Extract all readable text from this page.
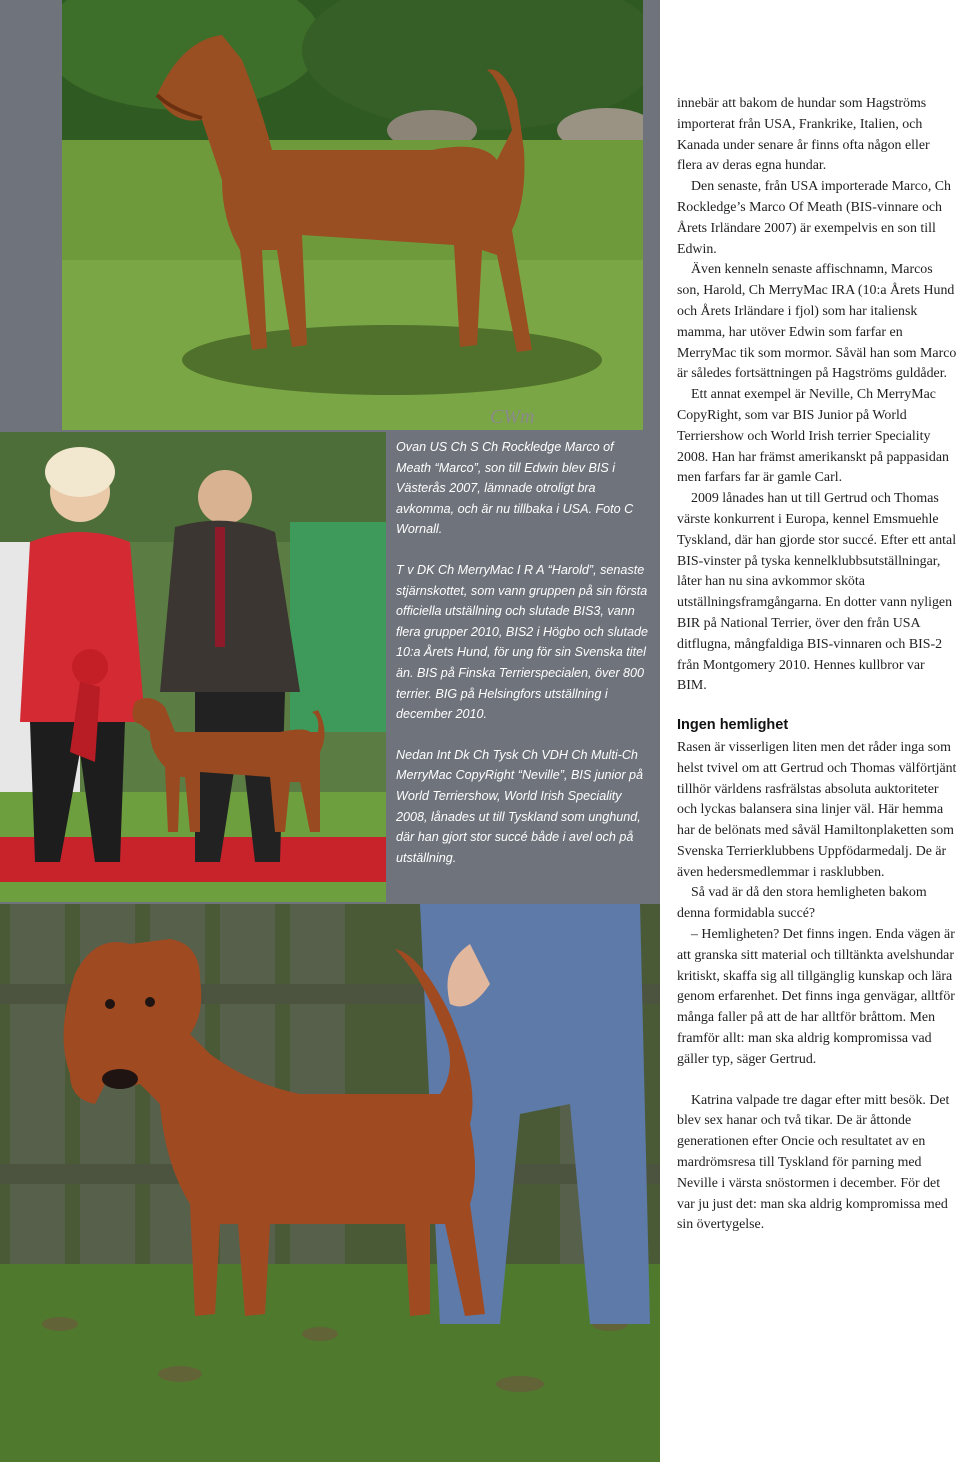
CWm

Ovan US Ch S Ch Rockledge Marco of Meath “Marco”, son till Edwin blev BIS i Västerås 2007, lämnade otroligt bra avkomma, och är nu tillbaka i USA. Foto C Wornall.

T v DK Ch MerryMac I R A “Harold”, senaste stjärnskottet, som vann gruppen på sin första officiella utställning och slutade BIS3, vann flera grupper 2010, BIS2 i Högbo och slutade 10:a Årets Hund, för ung för sin Svenska titel än. BIS på Finska Terrierspecialen, över 800 terrier. BIG på Helsingfors utställning i december 2010.

Nedan Int Dk Ch Tysk Ch VDH Ch Multi-Ch MerryMac CopyRight “Neville”, BIS junior på World Terriershow, World Irish Speciality 2008, lånades ut till Tyskland som unghund, där han gjort stor succé både i avel och på utställning.

innebär att bakom de hundar som Hagströms importerat från USA, Frankrike, Italien, och Kanada under senare år finns ofta någon eller flera av deras egna hundar.

Den senaste, från USA importerade Marco, Ch Rockledge’s Marco Of Meath (BIS-vinnare och Årets Irländare 2007) är exempelvis en son till Edwin.

Även kenneln senaste affischnamn, Marcos son, Harold, Ch MerryMac IRA (10:a Årets Hund och Årets Irländare i fjol) som har italiensk mamma, har utöver Edwin som farfar en MerryMac tik som mormor. Såväl han som Marco är således fortsättningen på Hagströms guldåder.

Ett annat exempel är Neville, Ch MerryMac CopyRight, som var BIS Junior på World Terriershow och World Irish terrier Speciality 2008. Han har främst amerikanskt på pappasidan men farfars far är gamle Carl.

2009 lånades han ut till Gertrud och Thomas värste konkurrent i Europa, kennel Emsmuehle Tyskland, där han gjorde stor succé. Efter ett antal BIS-vinster på tyska kennelklubbsutställningar, låter han nu sina avkommor sköta utställningsframgångarna. En dotter vann nyligen BIR på National Terrier, över den från USA ditflugna, mångfaldiga BIS-vinnaren och BIS-2 från Montgomery 2010. Hennes kullbror var BIM.

Ingen hemlighet

Rasen är visserligen liten men det råder inga som helst tvivel om att Gertrud och Thomas välförtjänt tillhör världens rasfrälstas absoluta auktoriteter och lyckas balansera sina linjer väl. Här hemma har de belönats med såväl Hamiltonplaketten som Svenska Terrierklubbens Uppfödarmedalj. De är även hedersmedlemmar i rasklubben.

Så vad är då den stora hemligheten bakom denna formidabla succé?

– Hemligheten? Det finns ingen. Enda vägen är att granska sitt material och tilltänkta avelshundar kritiskt, skaffa sig all tillgänglig kunskap och lära genom erfarenhet. Det finns inga genvägar, alltför många faller på att de har alltför bråttom. Men framför allt: man ska aldrig kompromissa vad gäller typ, säger Gertrud.

Katrina valpade tre dagar efter mitt besök. Det blev sex hanar och två tikar. De är åttonde generationen efter Oncie och resultatet av en mardrömsresa till Tyskland för parning med Neville i värsta snöstormen i december. För det var ju just det: man ska aldrig kompromissa med sin övertygelse.
